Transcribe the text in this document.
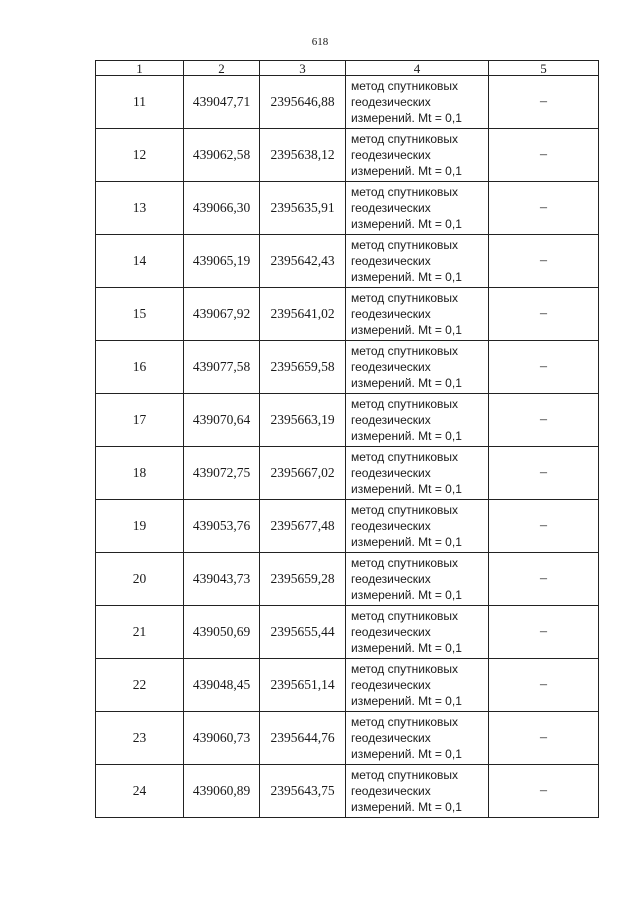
618
1	2	3	4	5
11	439047,71	2395646,88	метод спутниковых
геодезических
измерений. Mt = 0,1	–
12	439062,58	2395638,12	метод спутниковых
геодезических
измерений. Mt = 0,1	–
13	439066,30	2395635,91	метод спутниковых
геодезических
измерений. Mt = 0,1	–
14	439065,19	2395642,43	метод спутниковых
геодезических
измерений. Mt = 0,1	–
15	439067,92	2395641,02	метод спутниковых
геодезических
измерений. Mt = 0,1	–
16	439077,58	2395659,58	метод спутниковых
геодезических
измерений. Mt = 0,1	–
17	439070,64	2395663,19	метод спутниковых
геодезических
измерений. Mt = 0,1	–
18	439072,75	2395667,02	метод спутниковых
геодезических
измерений. Mt = 0,1	–
19	439053,76	2395677,48	метод спутниковых
геодезических
измерений. Mt = 0,1	–
20	439043,73	2395659,28	метод спутниковых
геодезических
измерений. Mt = 0,1	–
21	439050,69	2395655,44	метод спутниковых
геодезических
измерений. Mt = 0,1	–
22	439048,45	2395651,14	метод спутниковых
геодезических
измерений. Mt = 0,1	–
23	439060,73	2395644,76	метод спутниковых
геодезических
измерений. Mt = 0,1	–
24	439060,89	2395643,75	метод спутниковых
геодезических
измерений. Mt = 0,1	–
